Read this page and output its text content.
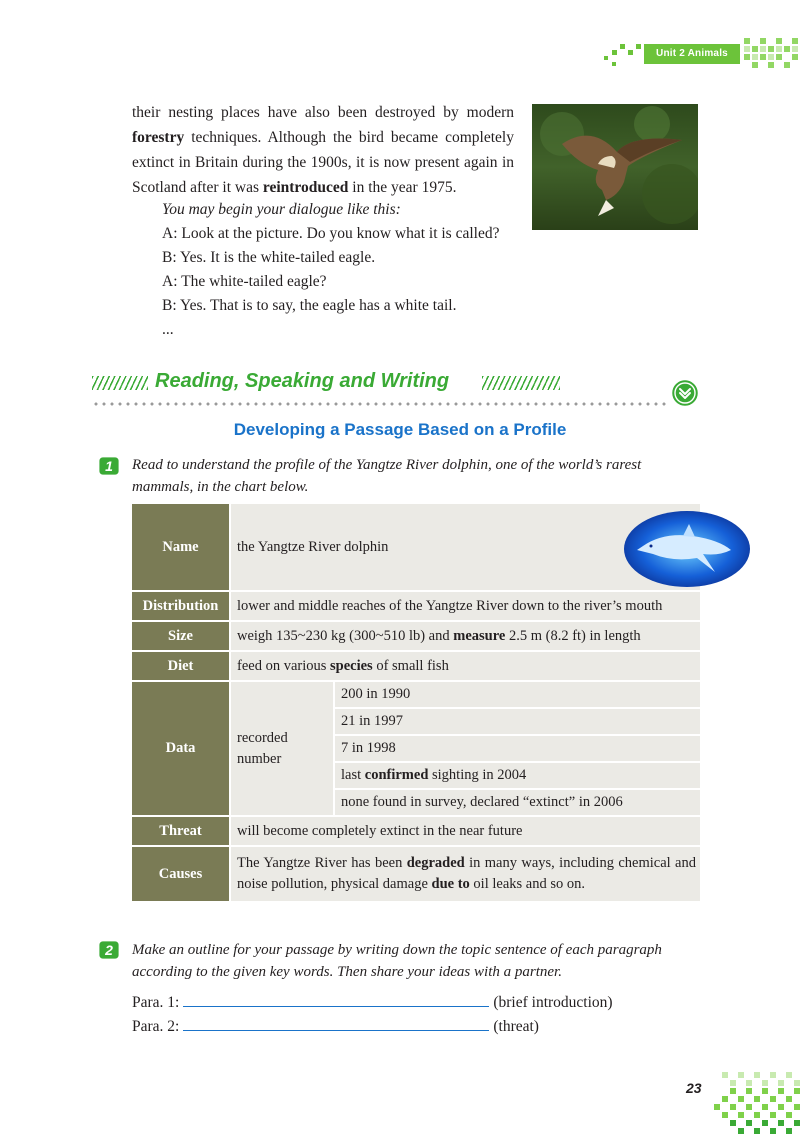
Unit 2 Animals
their nesting places have also been destroyed by modern forestry techniques. Although the bird became completely extinct in Britain during the 1900s, it is now present again in Scotland after it was reintroduced in the year 1975.
You may begin your dialogue like this:
A: Look at the picture. Do you know what it is called?
B: Yes. It is the white-tailed eagle.
A: The white-tailed eagle?
B: Yes. That is to say, the eagle has a white tail.
...
Reading, Speaking and Writing
Developing a Passage Based on a Profile
1 Read to understand the profile of the Yangtze River dolphin, one of the world’s rarest
mammals, in the chart below.
Name	the Yangtze River dolphin	

Distribution	lower and middle reaches of the Yangtze River down to the river’s mouth	
Size	weigh 135~230 kg (300~510 lb) and measure 2.5 m (8.2 ft) in length	
Diet	feed on various species of small fish	
Data	recorded number	200 in 1990
		21 in 1997
		7 in 1998
		last confirmed sighting in 2004
		none found in survey, declared “extinct” in 2006
Threat	will become completely extinct in the near future	
Causes	The Yangtze River has been degraded in many ways, including chemical and noise pollution, physical damage due to oil leaks and so on.	
2 Make an outline for your passage by writing down the topic sentence of each paragraph
according to the given key words. Then share your ideas with a partner.
Para. 1:	(brief introduction)
Para. 2:	(threat)
23
